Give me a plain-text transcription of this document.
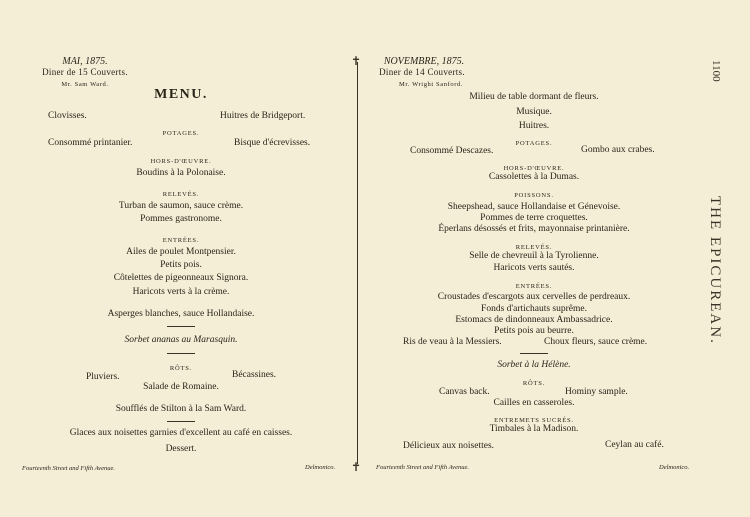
✝
✝
1100
THE EPICUREAN.
MAI, 1875.
Diner de 15 Couverts.
Mr. Sam Ward.
MENU.
Clovisses.	Huitres de Bridgeport.
POTAGES.
Consommé printanier.	Bisque d'écrevisses.
HORS-D'ŒUVRE.
Boudins à la Polonaise.
RELEVÉS.
Turban de saumon, sauce crème.
Pommes gastronome.
ENTRÉES.
Ailes de poulet Montpensier.
Petits pois.
Côtelettes de pigeonneaux Signora.
Haricots verts à la crème.
Asperges blanches, sauce Hollandaise.
Sorbet ananas au Marasquin.
RÔTS.
Pluviers.	Bécassines.
Salade de Romaine.
Soufflés de Stilton à la Sam Ward.
Glaces aux noisettes garnies d'excellent au café en caisses.
Dessert.
Fourteenth Street and Fifth Avenue.	Delmonico.
NOVEMBRE, 1875.
Diner de 14 Couverts.
Mr. Wright Sanford.
Milieu de table dormant de fleurs.
Musique.
Huitres.
POTAGES.
Consommé Descazes.	Gombo aux crabes.
HORS-D'ŒUVRE.
Cassolettes à la Dumas.
POISSONS.
Sheepshead, sauce Hollandaise et Génevoise.
Pommes de terre croquettes.
Éperlans désossés et frits, mayonnaise printanière.
RELEVÉS.
Selle de chevreuil à la Tyrolienne.
Haricots verts sautés.
ENTRÉES.
Croustades d'escargots aux cervelles de perdreaux.
Fonds d'artichauts suprême.
Estomacs de dindonneaux Ambassadrice.
Petits pois au beurre.
Ris de veau à la Messiers.	Choux fleurs, sauce crème.
Sorbet à la Hélène.
RÔTS.
Canvas back.	Hominy sample.
Cailles en casseroles.
ENTREMETS SUCRÉS.
Timbales à la Madison.
Délicieux aux noisettes.	Ceylan au café.
Fourteenth Street and Fifth Avenue.	Delmonico.
